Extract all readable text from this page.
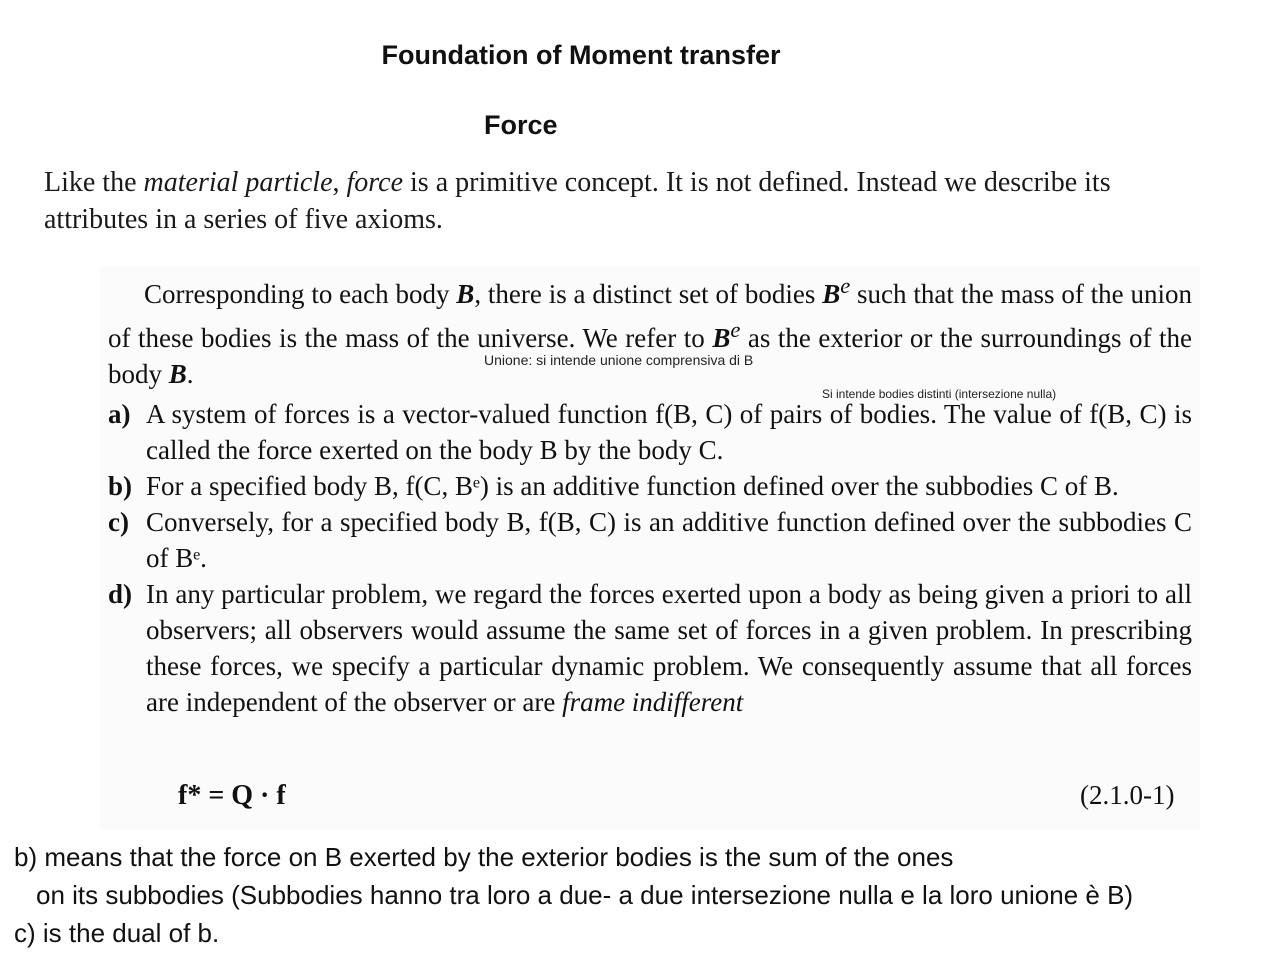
Foundation of Moment transfer
Force
Like the material particle, force is a primitive concept. It is not defined. Instead we describe its attributes in a series of five axioms.
Corresponding to each body B, there is a distinct set of bodies $B^e$ such that the mass of the union of these bodies is the mass of the universe. We refer to $B^e$ as the exterior or the surroundings of the body B.	Unione: si intende unione comprensiva di B
Si intende bodies distinti (intersezione nulla)
a) A system of forces is a vector-valued function f(B, C) of pairs of bodies. The value of f(B, C) is called the force exerted on the body B by the body C.
b) For a specified body B, f(C, Bᵉ) is an additive function defined over the subbodies C of B.
c) Conversely, for a specified body B, f(B, C) is an additive function defined over the subbodies C of Bᵉ.
d) In any particular problem, we regard the forces exerted upon a body as being given a priori to all observers; all observers would assume the same set of forces in a given problem. In prescribing these forces, we specify a particular dynamic problem. We consequently assume that all forces are independent of the observer or are frame indifferent
f* = Q · f	(2.1.0-1)
b) means that the force on B exerted by the exterior bodies is the sum of the ones
on its subbodies (Subbodies hanno tra loro a due- a due intersezione nulla e la loro unione è B)
c) is the dual of b.
